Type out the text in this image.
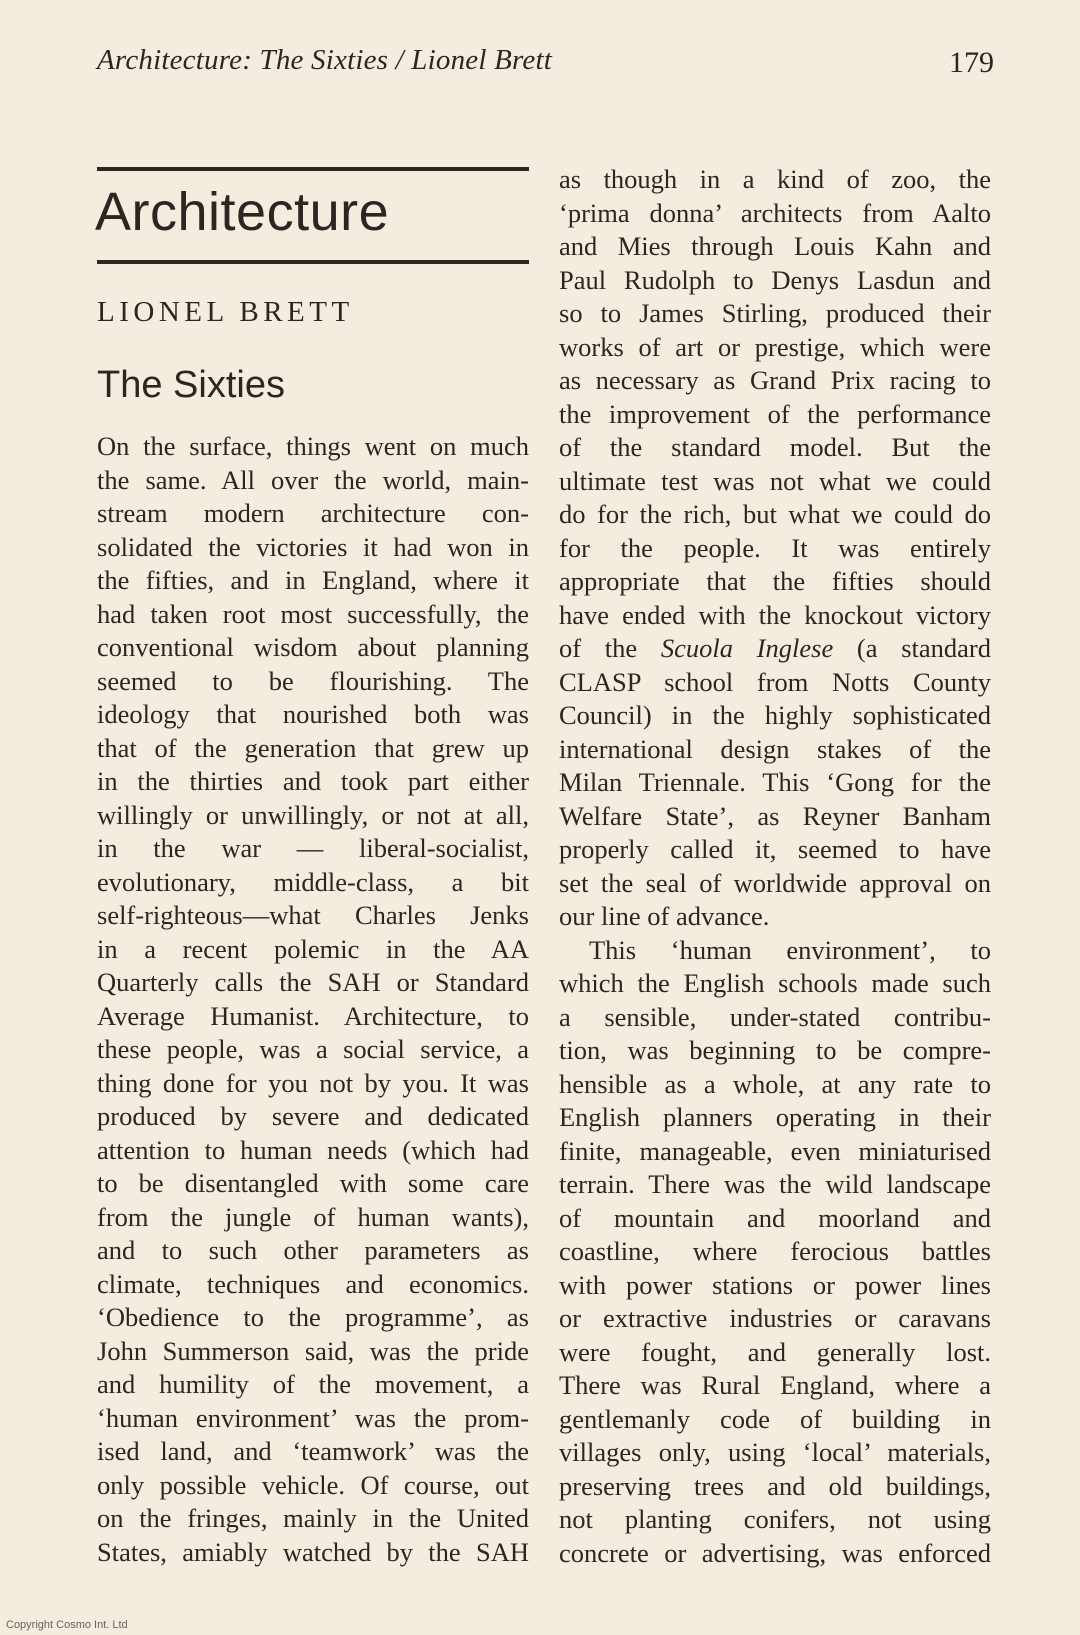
Architecture: The Sixties / Lionel Brett	179
Architecture
LIONEL BRETT
The Sixties
On the surface, things went on much
the same. All over the world, main-
stream modern architecture con-
solidated the victories it had won in
the fifties, and in England, where it
had taken root most successfully, the
conventional wisdom about planning
seemed to be flourishing. The
ideology that nourished both was
that of the generation that grew up
in the thirties and took part either
willingly or unwillingly, or not at all,
in the war — liberal-socialist,
evolutionary, middle-class, a bit
self-righteous—what Charles Jenks
in a recent polemic in the AA
Quarterly calls the SAH or Standard
Average Humanist. Architecture, to
these people, was a social service, a
thing done for you not by you. It was
produced by severe and dedicated
attention to human needs (which had
to be disentangled with some care
from the jungle of human wants),
and to such other parameters as
climate, techniques and economics.
‘Obedience to the programme’, as
John Summerson said, was the pride
and humility of the movement, a
‘human environment’ was the prom-
ised land, and ‘teamwork’ was the
only possible vehicle. Of course, out
on the fringes, mainly in the United
States, amiably watched by the SAH
as though in a kind of zoo, the
‘prima donna’ architects from Aalto
and Mies through Louis Kahn and
Paul Rudolph to Denys Lasdun and
so to James Stirling, produced their
works of art or prestige, which were
as necessary as Grand Prix racing to
the improvement of the performance
of the standard model. But the
ultimate test was not what we could
do for the rich, but what we could do
for the people. It was entirely
appropriate that the fifties should
have ended with the knockout victory
of the Scuola Inglese (a standard
CLASP school from Notts County
Council) in the highly sophisticated
international design stakes of the
Milan Triennale. This ‘Gong for the
Welfare State’, as Reyner Banham
properly called it, seemed to have
set the seal of worldwide approval on
our line of advance.
This ‘human environment’, to
which the English schools made such
a sensible, under-stated contribu-
tion, was beginning to be compre-
hensible as a whole, at any rate to
English planners operating in their
finite, manageable, even miniaturised
terrain. There was the wild landscape
of mountain and moorland and
coastline, where ferocious battles
with power stations or power lines
or extractive industries or caravans
were fought, and generally lost.
There was Rural England, where a
gentlemanly code of building in
villages only, using ‘local’ materials,
preserving trees and old buildings,
not planting conifers, not using
concrete or advertising, was enforced
Copyright Cosmo Int. Ltd
